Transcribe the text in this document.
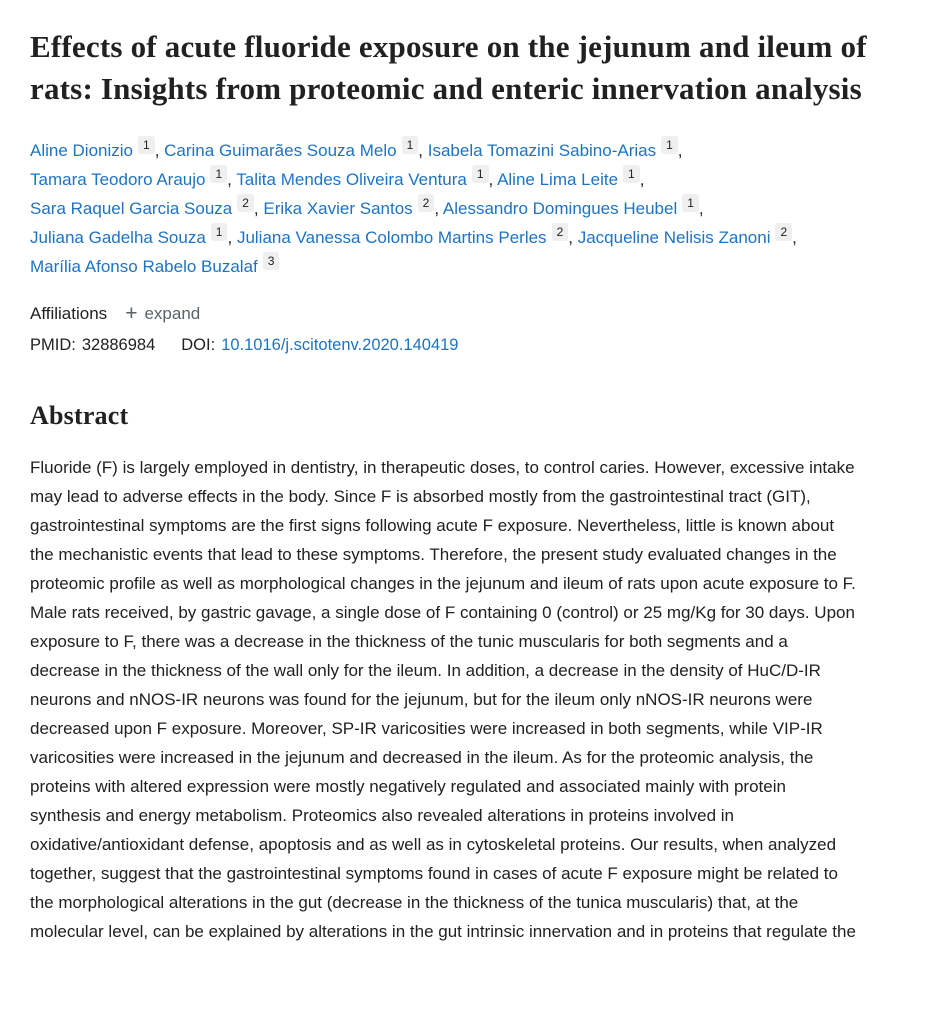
Effects of acute fluoride exposure on the jejunum and ileum of rats: Insights from proteomic and enteric innervation analysis
Aline Dionizio 1 , Carina Guimarães Souza Melo 1 , Isabela Tomazini Sabino-Arias 1 , Tamara Teodoro Araujo 1 , Talita Mendes Oliveira Ventura 1 , Aline Lima Leite 1 , Sara Raquel Garcia Souza 2 , Erika Xavier Santos 2 , Alessandro Domingues Heubel 1 , Juliana Gadelha Souza 1 , Juliana Vanessa Colombo Martins Perles 2 , Jacqueline Nelisis Zanoni 2 , Marília Afonso Rabelo Buzalaf 3
Affiliations + expand
PMID: 32886984 DOI: 10.1016/j.scitotenv.2020.140419
Abstract

Fluoride (F) is largely employed in dentistry, in therapeutic doses, to control caries. However, excessive intake may lead to adverse effects in the body. Since F is absorbed mostly from the gastrointestinal tract (GIT), gastrointestinal symptoms are the first signs following acute F exposure. Nevertheless, little is known about the mechanistic events that lead to these symptoms. Therefore, the present study evaluated changes in the proteomic profile as well as morphological changes in the jejunum and ileum of rats upon acute exposure to F. Male rats received, by gastric gavage, a single dose of F containing 0 (control) or 25 mg/Kg for 30 days. Upon exposure to F, there was a decrease in the thickness of the tunic muscularis for both segments and a decrease in the thickness of the wall only for the ileum. In addition, a decrease in the density of HuC/D-IR neurons and nNOS-IR neurons was found for the jejunum, but for the ileum only nNOS-IR neurons were decreased upon F exposure. Moreover, SP-IR varicosities were increased in both segments, while VIP-IR varicosities were increased in the jejunum and decreased in the ileum. As for the proteomic analysis, the proteins with altered expression were mostly negatively regulated and associated mainly with protein synthesis and energy metabolism. Proteomics also revealed alterations in proteins involved in oxidative/antioxidant defense, apoptosis and as well as in cytoskeletal proteins. Our results, when analyzed together, suggest that the gastrointestinal symptoms found in cases of acute F exposure might be related to the morphological alterations in the gut (decrease in the thickness of the tunica muscularis) that, at the molecular level, can be explained by alterations in the gut intrinsic innervation and in proteins that regulate the
